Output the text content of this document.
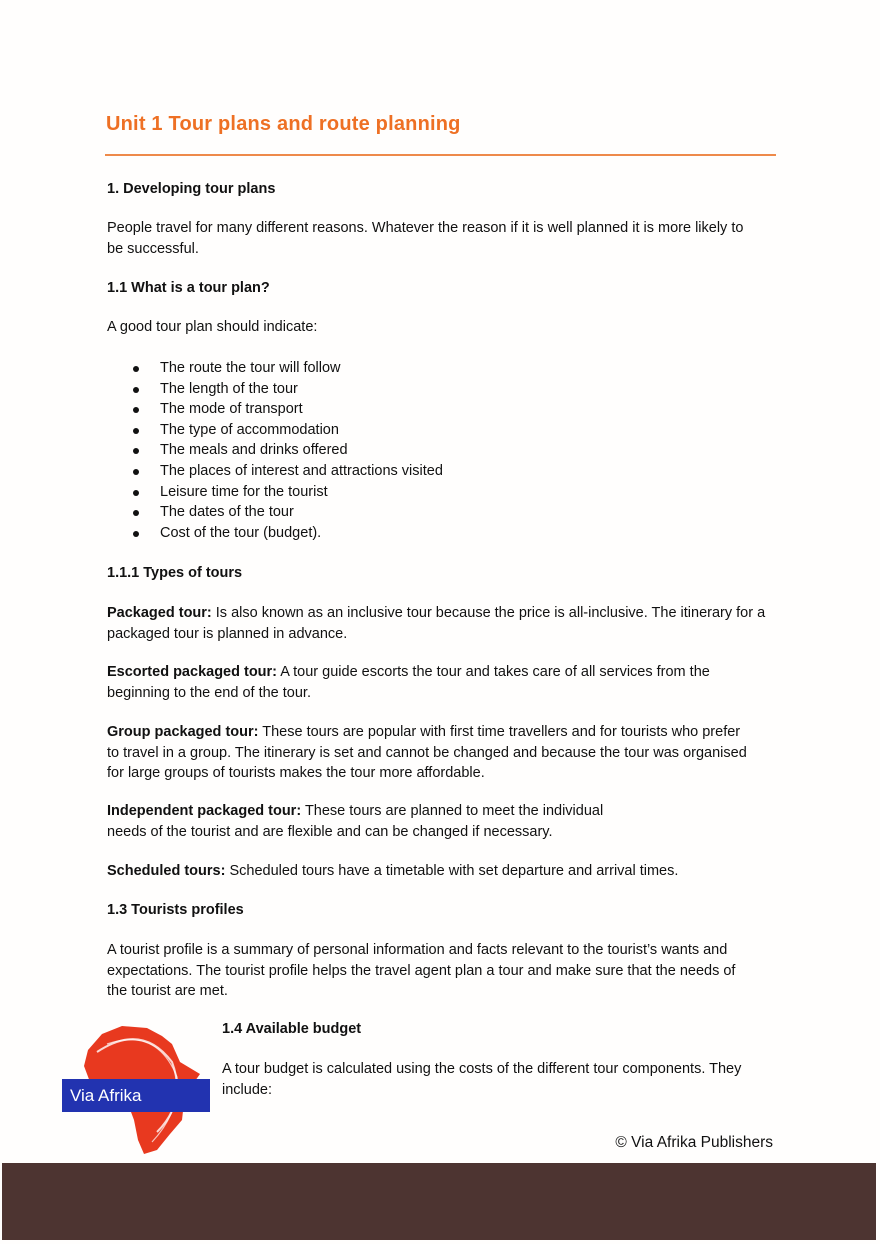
Unit 1 Tour plans and route planning
1. Developing tour plans
People travel for many different reasons. Whatever the reason if it is well planned it is more likely to
be successful.
1.1 What is a tour plan?
A good tour plan should indicate:
The route the tour will follow
The length of the tour
The mode of transport
The type of accommodation
The meals and drinks offered
The places of interest and attractions visited
Leisure time for the tourist
The dates of the tour
Cost of the tour (budget).
1.1.1 Types of tours
Packaged tour: Is also known as an inclusive tour because the price is all-inclusive. The itinerary for a
packaged tour is planned in advance.
Escorted packaged tour: A tour guide escorts the tour and takes care of all services from the
beginning to the end of the tour.
Group packaged tour: These tours are popular with first time travellers and for tourists who prefer
to travel in a group. The itinerary is set and cannot be changed and because the tour was organised
for large groups of tourists makes the tour more affordable.
Independent packaged tour: These tours are planned to meet the individual
needs of the tourist and are flexible and can be changed if necessary.
Scheduled tours: Scheduled tours have a timetable with set departure and arrival times.
1.3 Tourists profiles
A tourist profile is a summary of personal information and facts relevant to the tourist’s wants and
expectations. The tourist profile helps the travel agent plan a tour and make sure that the needs of
the tourist are met.
1.4 Available budget
A tour budget is calculated using the costs of the different tour components. They
include:
Via Afrika
© Via Afrika Publishers
